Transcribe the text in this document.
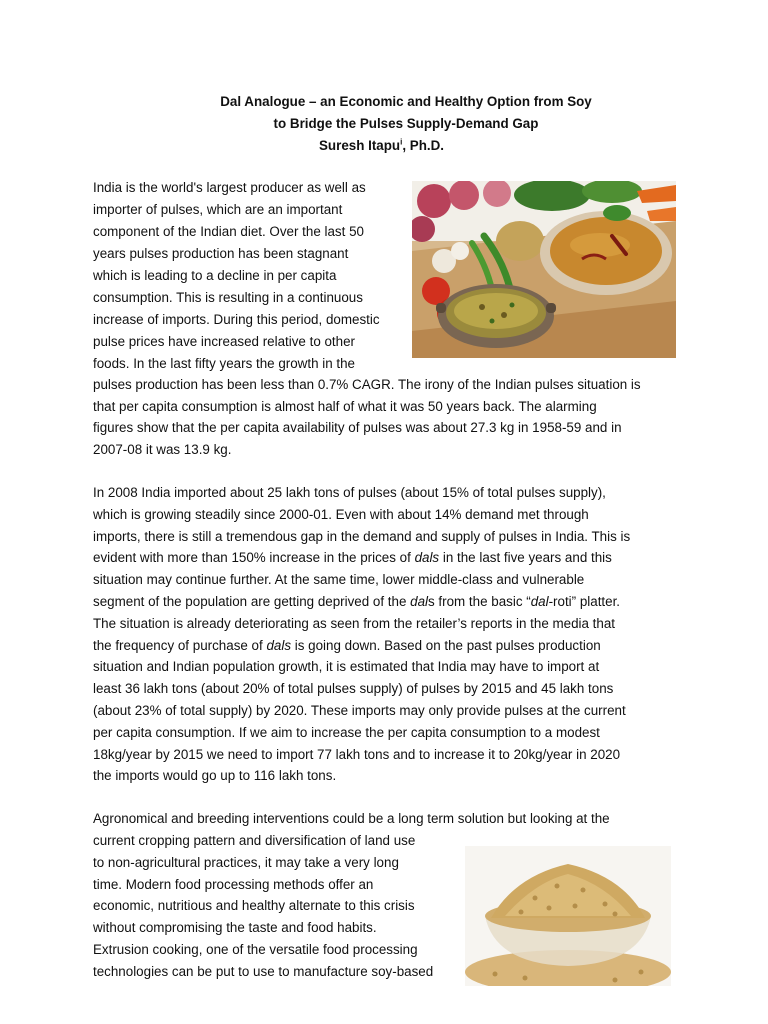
Dal Analogue – an Economic and Healthy Option from Soy
to Bridge the Pulses Supply-Demand Gap
Suresh Itapu$^i$, Ph.D.
India is the world's largest producer as well as
importer of pulses, which are an important
component of the Indian diet. Over the last 50
years pulses production has been stagnant
which is leading to a decline in per capita
consumption. This is resulting in a continuous
increase of imports. During this period, domestic
pulse prices have increased relative to other
foods. In the last fifty years the growth in the
pulses production has been less than 0.7% CAGR. The irony of the Indian pulses situation is
that per capita consumption is almost half of what it was 50 years back. The alarming
figures show that the per capita availability of pulses was about 27.3 kg in 1958-59 and in
2007-08 it was 13.9 kg.
In 2008 India imported about 25 lakh tons of pulses (about 15% of total pulses supply),
which is growing steadily since 2000-01. Even with about 14% demand met through
imports, there is still a tremendous gap in the demand and supply of pulses in India. This is
evident with more than 150% increase in the prices of dals in the last five years and this
situation may continue further. At the same time, lower middle-class and vulnerable
segment of the population are getting deprived of the dals from the basic “dal-roti” platter.
The situation is already deteriorating as seen from the retailer’s reports in the media that
the frequency of purchase of dals is going down. Based on the past pulses production
situation and Indian population growth, it is estimated that India may have to import at
least 36 lakh tons (about 20% of total pulses supply) of pulses by 2015 and 45 lakh tons
(about 23% of total supply) by 2020. These imports may only provide pulses at the current
per capita consumption. If we aim to increase the per capita consumption to a modest
18kg/year by 2015 we need to import 77 lakh tons and to increase it to 20kg/year in 2020
the imports would go up to 116 lakh tons.
Agronomical and breeding interventions could be a long term solution but looking at the
current cropping pattern and diversification of land use
to non-agricultural practices, it may take a very long
time. Modern food processing methods offer an
economic, nutritious and healthy alternate to this crisis
without compromising the taste and food habits.
Extrusion cooking, one of the versatile food processing
technologies can be put to use to manufacture soy-based
